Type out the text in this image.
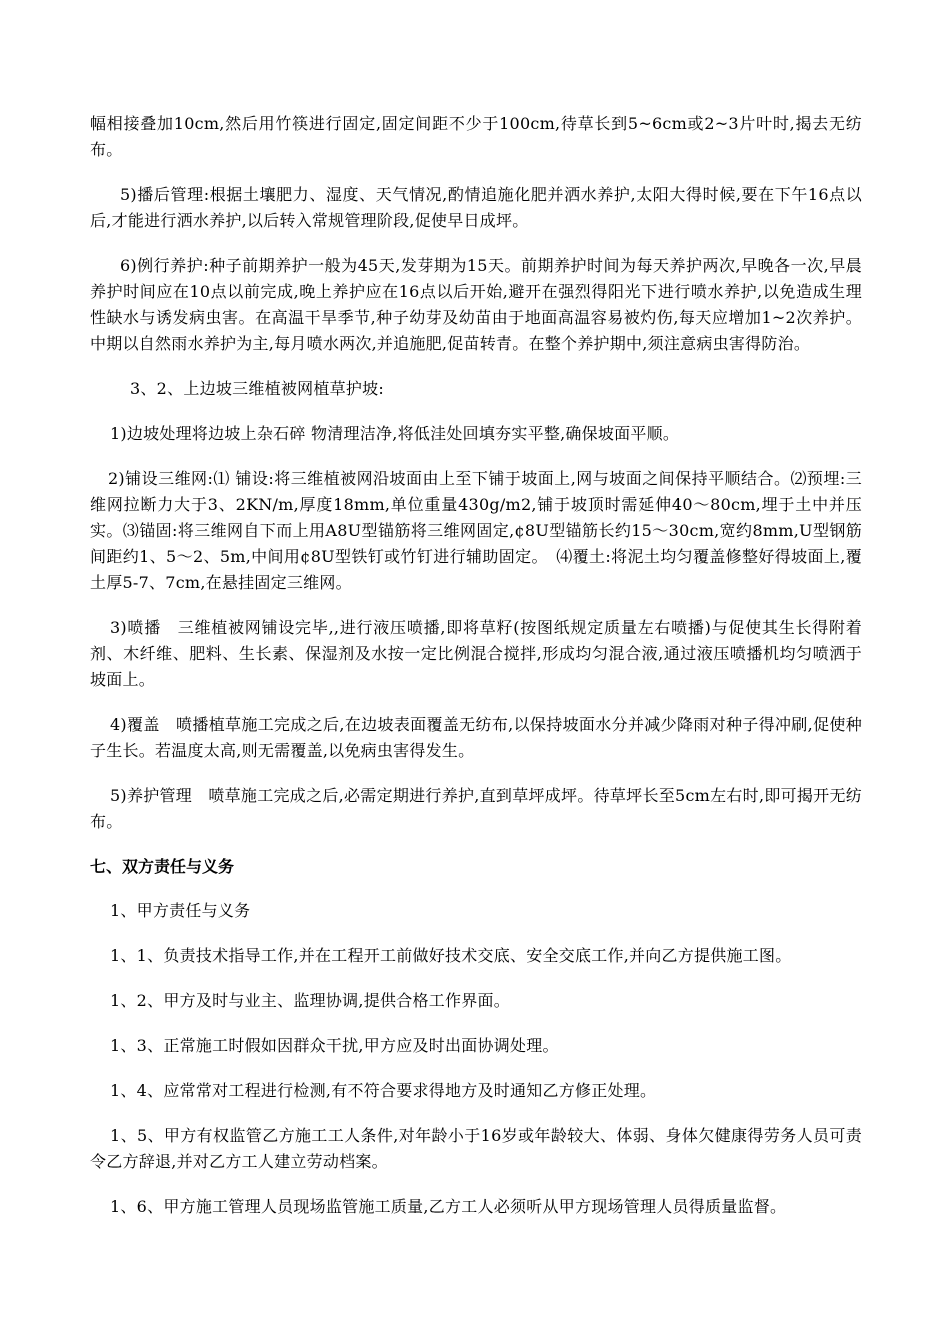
幅相接叠加10cm,然后用竹筷进行固定,固定间距不少于100cm,待草长到5~6cm或2~3片叶时,揭去无纺布。

5)播后管理:根据土壤肥力、湿度、天气情况,酌情追施化肥并洒水养护,太阳大得时候,要在下午16点以后,才能进行洒水养护,以后转入常规管理阶段,促使早日成坪。

6)例行养护:种子前期养护一般为45天,发芽期为15天。前期养护时间为每天养护两次,早晚各一次,早晨养护时间应在10点以前完成,晚上养护应在16点以后开始,避开在强烈得阳光下进行喷水养护,以免造成生理性缺水与诱发病虫害。在高温干旱季节,种子幼芽及幼苗由于地面高温容易被灼伤,每天应增加1~2次养护。中期以自然雨水养护为主,每月喷水两次,并追施肥,促苗转青。在整个养护期中,须注意病虫害得防治。

3、2、上边坡三维植被网植草护坡:

1)边坡处理将边坡上杂石碎 物清理洁净,将低洼处回填夯实平整,确保坡面平顺。

2)铺设三维网:⑴ 铺设:将三维植被网沿坡面由上至下铺于坡面上,网与坡面之间保持平顺结合。⑵预埋:三维网拉断力大于3、2KN/m,厚度18mm,单位重量430g/m2,铺于坡顶时需延伸40～80cm,埋于土中并压实。⑶锚固:将三维网自下而上用A8U型锚筋将三维网固定,¢8U型锚筋长约15～30cm,宽约8mm,U型钢筋间距约1、5～2、5m,中间用¢8U型铁钉或竹钉进行辅助固定。　⑷覆土:将泥土均匀覆盖修整好得坡面上,覆土厚5-7、7cm,在悬挂固定三维网。

3)喷播　三维植被网铺设完毕,,进行液压喷播,即将草籽(按图纸规定质量左右喷播)与促使其生长得附着剂、木纤维、肥料、生长素、保湿剂及水按一定比例混合搅拌,形成均匀混合液,通过液压喷播机均匀喷洒于坡面上。

4)覆盖　喷播植草施工完成之后,在边坡表面覆盖无纺布,以保持坡面水分并减少降雨对种子得冲刷,促使种子生长。若温度太高,则无需覆盖,以免病虫害得发生。

5)养护管理　喷草施工完成之后,必需定期进行养护,直到草坪成坪。待草坪长至5cm左右时,即可揭开无纺布。

七、双方责任与义务

1、甲方责任与义务

1、1、负责技术指导工作,并在工程开工前做好技术交底、安全交底工作,并向乙方提供施工图。

1、2、甲方及时与业主、监理协调,提供合格工作界面。

1、3、正常施工时假如因群众干扰,甲方应及时出面协调处理。

1、4、应常常对工程进行检测,有不符合要求得地方及时通知乙方修正处理。

1、5、甲方有权监管乙方施工工人条件,对年龄小于16岁或年龄较大、体弱、身体欠健康得劳务人员可责令乙方辞退,并对乙方工人建立劳动档案。

1、6、甲方施工管理人员现场监管施工质量,乙方工人必须听从甲方现场管理人员得质量监督。
